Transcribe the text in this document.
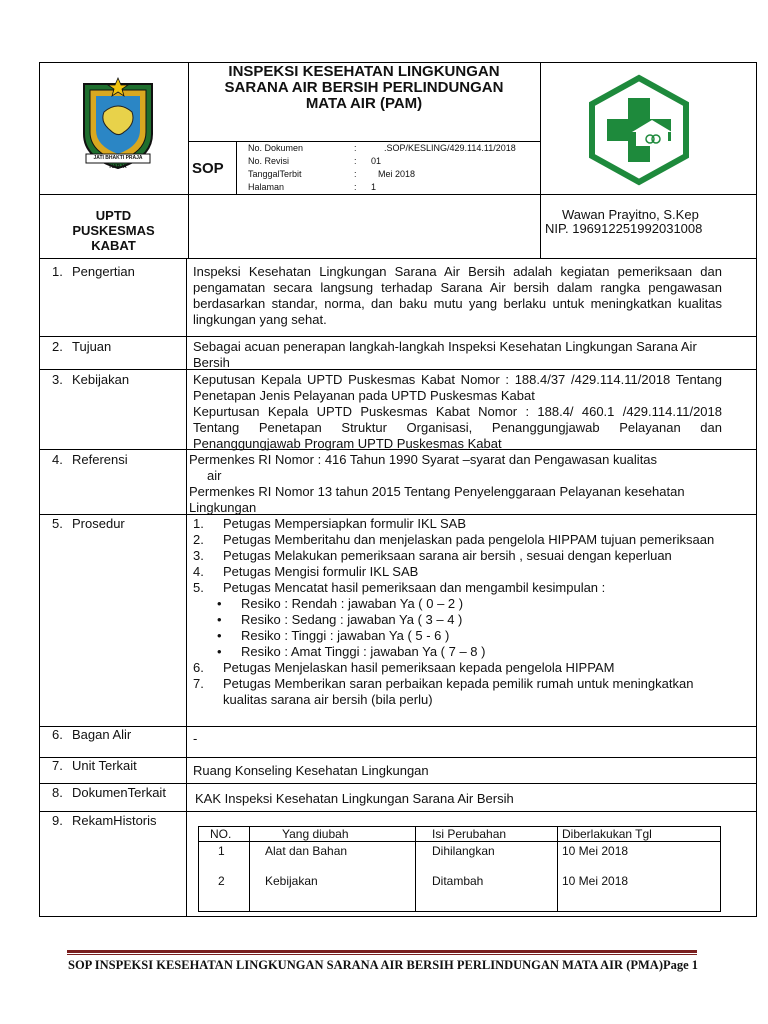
JATI BHAKTI PRAJA HARJA
INSPEKSI KESEHATAN LINGKUNGAN
SARANA AIR BERSIH PERLINDUNGAN
MATA AIR (PAM)
SOP
No. Dokumen	:	.SOP/KESLING/429.114.11/2018
No. Revisi	: 01
TanggalTerbit	: Mei 2018
Halaman	: 1
UPTD
PUSKESMAS
KABAT
Wawan Prayitno, S.Kep
NIP. 196912251992031008
1. Pengertian	Inspeksi Kesehatan Lingkungan Sarana Air Bersih adalah kegiatan pemeriksaan dan pengamatan secara langsung terhadap Sarana Air bersih dalam rangka pengawasan berdasarkan standar, norma, dan baku mutu yang berlaku untuk meningkatkan kualitas lingkungan yang sehat.
2. Tujuan	Sebagai acuan penerapan langkah-langkah Inspeksi Kesehatan Lingkungan Sarana Air Bersih
3. Kebijakan	Keputusan Kepala UPTD Puskesmas Kabat Nomor : 188.4/37 /429.114.11/2018 Tentang Penetapan Jenis Pelayanan pada UPTD Puskesmas Kabat
Kepurtusan Kepala UPTD Puskesmas Kabat Nomor : 188.4/ 460.1 /429.114.11/2018 Tentang Penetapan Struktur Organisasi, Penanggungjawab Pelayanan dan Penanggungjawab Program UPTD Puskesmas Kabat
4. Referensi	Permenkes RI Nomor : 416 Tahun 1990 Syarat –syarat dan Pengawasan kualitas
air
Permenkes RI Nomor 13 tahun 2015 Tentang Penyelenggaraan Pelayanan kesehatan Lingkungan
5. Prosedur	1. Petugas Mempersiapkan formulir IKL SAB
2. Petugas Memberitahu dan menjelaskan pada pengelola HIPPAM tujuan pemeriksaan
3. Petugas Melakukan pemeriksaan sarana air bersih , sesuai dengan keperluan
4. Petugas Mengisi formulir IKL SAB
5. Petugas Mencatat hasil pemeriksaan dan mengambil kesimpulan :
• Resiko : Rendah : jawaban Ya ( 0 – 2 )
• Resiko : Sedang : jawaban Ya ( 3 – 4 )
• Resiko : Tinggi : jawaban Ya ( 5 - 6 )
• Resiko : Amat Tinggi : jawaban Ya ( 7 – 8 )
6. Petugas Menjelaskan hasil pemeriksaan kepada pengelola HIPPAM
7. Petugas Memberikan saran perbaikan kepada pemilik rumah untuk meningkatkan kualitas sarana air bersih (bila perlu)
6. Bagan Alir	-
7. Unit Terkait	Ruang Konseling Kesehatan Lingkungan
8. DokumenTerkait KAK Inspeksi Kesehatan Lingkungan Sarana Air Bersih
9. RekamHistoris
NO.	Yang diubah	Isi Perubahan	Diberlakukan Tgl
1	Alat dan Bahan	Dihilangkan	10 Mei 2018
2	Kebijakan	Ditambah	10 Mei 2018
SOP INSPEKSI KESEHATAN LINGKUNGAN SARANA AIR BERSIH PERLINDUNGAN MATA AIR (PMA)Page 1
